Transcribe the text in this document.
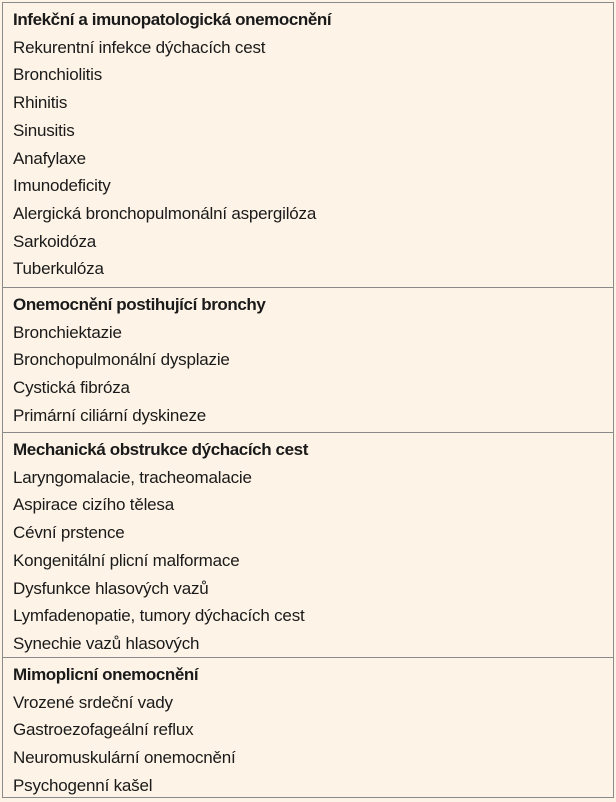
Infekční a imunopatologická onemocnění
Rekurentní infekce dýchacích cest
Bronchiolitis
Rhinitis
Sinusitis
Anafylaxe
Imunodeficity
Alergická bronchopulmonální aspergilóza
Sarkoidóza
Tuberkulóza
Onemocnění postihující bronchy
Bronchiektazie
Bronchopulmonální dysplazie
Cystická fibróza
Primární ciliární dyskineze
Mechanická obstrukce dýchacích cest
Laryngomalacie, tracheomalacie
Aspirace cizího tělesa
Cévní prstence
Kongenitální plicní malformace
Dysfunkce hlasových vazů
Lymfadenopatie, tumory dýchacích cest
Synechie vazů hlasových
Mimoplicní onemocnění
Vrozené srdeční vady
Gastroezofageální reflux
Neuromuskulární onemocnění
Psychogenní kašel
